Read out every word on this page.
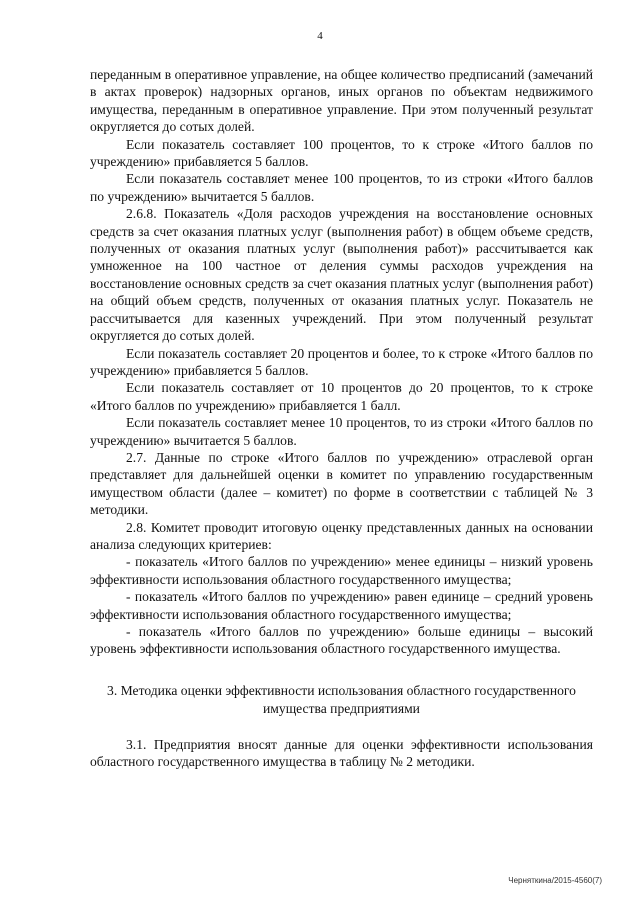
4

переданным в оперативное управление, на общее количество предписаний (замечаний в актах проверок) надзорных органов, иных органов по объектам недвижимого имущества, переданным в оперативное управление. При этом полученный результат округляется до сотых долей.

Если показатель составляет 100 процентов, то к строке «Итого баллов по учреждению» прибавляется 5 баллов.

Если показатель составляет менее 100 процентов, то из строки «Итого баллов по учреждению» вычитается 5 баллов.

2.6.8. Показатель «Доля расходов учреждения на восстановление основных средств за счет оказания платных услуг (выполнения работ) в общем объеме средств, полученных от оказания платных услуг (выполнения работ)» рассчитывается как умноженное на 100 частное от деления суммы расходов учреждения на восстановление основных средств за счет оказания платных услуг (выполнения работ) на общий объем средств, полученных от оказания платных услуг. Показатель не рассчитывается для казенных учреждений. При этом полученный результат округляется до сотых долей.

Если показатель составляет 20 процентов и более, то к строке «Итого баллов по учреждению» прибавляется 5 баллов.

Если показатель составляет от 10 процентов до 20 процентов, то к строке «Итого баллов по учреждению» прибавляется 1 балл.

Если показатель составляет менее 10 процентов, то из строки «Итого баллов по учреждению» вычитается 5 баллов.

2.7. Данные по строке «Итого баллов по учреждению» отраслевой орган представляет для дальнейшей оценки в комитет по управлению государственным имуществом области (далее – комитет) по форме в соответствии с таблицей № 3 методики.

2.8. Комитет проводит итоговую оценку представленных данных на основании анализа следующих критериев:

- показатель «Итого баллов по учреждению» менее единицы – низкий уровень эффективности использования областного государственного имущества;

- показатель «Итого баллов по учреждению» равен единице – средний уровень эффективности использования областного государственного имущества;

- показатель «Итого баллов по учреждению» больше единицы – высокий уровень эффективности использования областного государственного имущества.

3. Методика оценки эффективности использования областного государственного имущества предприятиями

3.1. Предприятия вносят данные для оценки эффективности использования областного государственного имущества в таблицу № 2 методики.

Черняткина/2015-4560(7)
